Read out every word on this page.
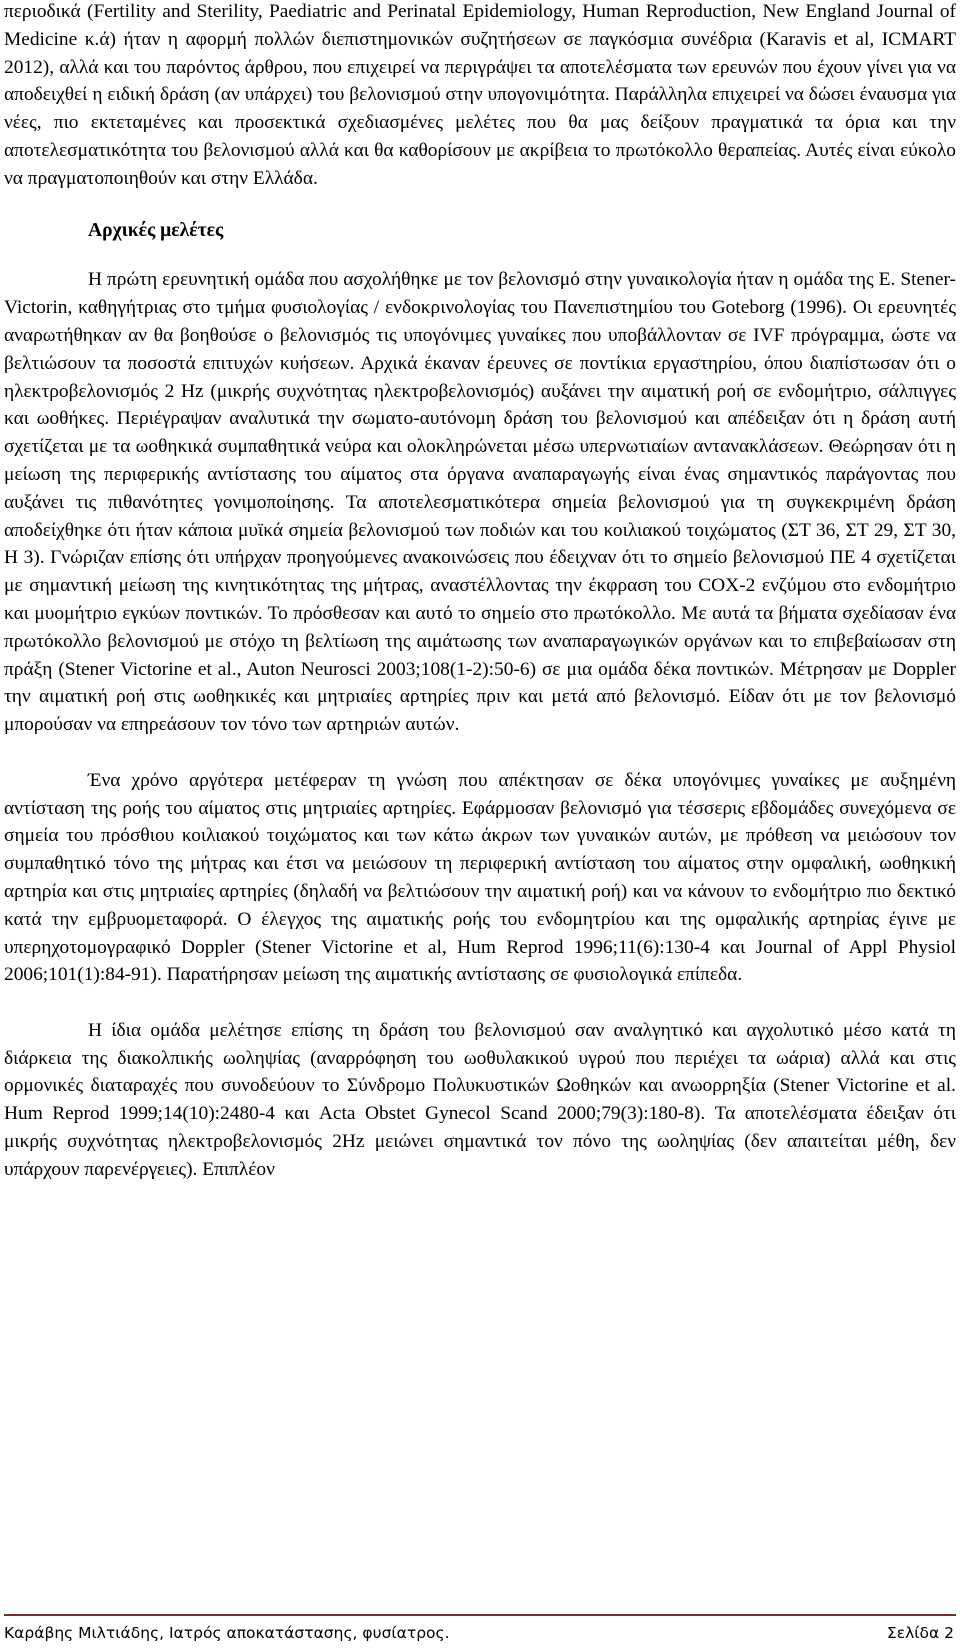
περιοδικά (Fertility and Sterility, Paediatric and Perinatal Epidemiology, Human Reproduction, New England Journal of Medicine κ.ά) ήταν η αφορμή πολλών διεπιστημονικών συζητήσεων σε παγκόσμια συνέδρια (Karavis et al, ICMART 2012), αλλά και του παρόντος άρθρου, που επιχειρεί να περιγράψει τα αποτελέσματα των ερευνών που έχουν γίνει για να αποδειχθεί η ειδική δράση (αν υπάρχει) του βελονισμού στην υπογονιμότητα. Παράλληλα επιχειρεί να δώσει έναυσμα για νέες, πιο εκτεταμένες και προσεκτικά σχεδιασμένες μελέτες που θα μας δείξουν πραγματικά τα όρια και την αποτελεσματικότητα του βελονισμού αλλά και θα καθορίσουν με ακρίβεια το πρωτόκολλο θεραπείας. Αυτές είναι εύκολο να πραγματοποιηθούν και στην Ελλάδα.

Αρχικές μελέτες

Η πρώτη ερευνητική ομάδα που ασχολήθηκε με τον βελονισμό στην γυναικολογία ήταν η ομάδα της E. Stener-Victorin, καθηγήτριας στο τμήμα φυσιολογίας / ενδοκρινολογίας του Πανεπιστημίου του Goteborg (1996). Οι ερευνητές αναρωτήθηκαν αν θα βοηθούσε ο βελονισμός τις υπογόνιμες γυναίκες που υποβάλλονταν σε IVF πρόγραμμα, ώστε να βελτιώσουν τα ποσοστά επιτυχών κυήσεων. Αρχικά έκαναν έρευνες σε ποντίκια εργαστηρίου, όπου διαπίστωσαν ότι ο ηλεκτροβελονισμός 2 Hz (μικρής συχνότητας ηλεκτροβελονισμός) αυξάνει την αιματική ροή σε ενδομήτριο, σάλπιγγες και ωοθήκες. Περιέγραψαν αναλυτικά την σωματο-αυτόνομη δράση του βελονισμού και απέδειξαν ότι η δράση αυτή σχετίζεται με τα ωοθηκικά συμπαθητικά νεύρα και ολοκληρώνεται μέσω υπερνωτιαίων αντανακλάσεων. Θεώρησαν ότι η μείωση της περιφερικής αντίστασης του αίματος στα όργανα αναπαραγωγής είναι ένας σημαντικός παράγοντας που αυξάνει τις πιθανότητες γονιμοποίησης. Τα αποτελεσματικότερα σημεία βελονισμού για τη συγκεκριμένη δράση αποδείχθηκε ότι ήταν κάποια μυϊκά σημεία βελονισμού των ποδιών και του κοιλιακού τοιχώματος (ΣΤ 36, ΣΤ 29, ΣΤ 30, Η 3). Γνώριζαν επίσης ότι υπήρχαν προηγούμενες ανακοινώσεις που έδειχναν ότι το σημείο βελονισμού ΠΕ 4 σχετίζεται με σημαντική μείωση της κινητικότητας της μήτρας, αναστέλλοντας την έκφραση του COX-2 ενζύμου στο ενδομήτριο και μυομήτριο εγκύων ποντικών. Το πρόσθεσαν και αυτό το σημείο στο πρωτόκολλο. Με αυτά τα βήματα σχεδίασαν ένα πρωτόκολλο βελονισμού με στόχο τη βελτίωση της αιμάτωσης των αναπαραγωγικών οργάνων και το επιβεβαίωσαν στη πράξη (Stener Victorine et al., Auton Neurosci 2003;108(1-2):50-6) σε μια ομάδα δέκα ποντικών. Μέτρησαν με Doppler την αιματική ροή στις ωοθηκικές και μητριαίες αρτηρίες πριν και μετά από βελονισμό. Είδαν ότι με τον βελονισμό μπορούσαν να επηρεάσουν τον τόνο των αρτηριών αυτών.

Ένα χρόνο αργότερα μετέφεραν τη γνώση που απέκτησαν σε δέκα υπογόνιμες γυναίκες με αυξημένη αντίσταση της ροής του αίματος στις μητριαίες αρτηρίες. Εφάρμοσαν βελονισμό για τέσσερις εβδομάδες συνεχόμενα σε σημεία του πρόσθιου κοιλιακού τοιχώματος και των κάτω άκρων των γυναικών αυτών, με πρόθεση να μειώσουν τον συμπαθητικό τόνο της μήτρας και έτσι να μειώσουν τη περιφερική αντίσταση του αίματος στην ομφαλική, ωοθηκική αρτηρία και στις μητριαίες αρτηρίες (δηλαδή να βελτιώσουν την αιματική ροή) και να κάνουν το ενδομήτριο πιο δεκτικό κατά την εμβρυομεταφορά. Ο έλεγχος της αιματικής ροής του ενδομητρίου και της ομφαλικής αρτηρίας έγινε με υπερηχοτομογραφικό Doppler (Stener Victorine et al, Hum Reprod 1996;11(6):130-4 και Journal of Appl Physiol 2006;101(1):84-91). Παρατήρησαν μείωση της αιματικής αντίστασης σε φυσιολογικά επίπεδα.

Η ίδια ομάδα μελέτησε επίσης τη δράση του βελονισμού σαν αναλγητικό και αγχολυτικό μέσο κατά τη διάρκεια της διακολπικής ωοληψίας (αναρρόφηση του ωοθυλακικού υγρού που περιέχει τα ωάρια) αλλά και στις ορμονικές διαταραχές που συνοδεύουν το Σύνδρομο Πολυκυστικών Ωοθηκών και ανωορρηξία (Stener Victorine et al. Hum Reprod 1999;14(10):2480-4 και Acta Obstet Gynecol Scand 2000;79(3):180-8). Τα αποτελέσματα έδειξαν ότι μικρής συχνότητας ηλεκτροβελονισμός 2Hz μειώνει σημαντικά τον πόνο της ωοληψίας (δεν απαιτείται μέθη, δεν υπάρχουν παρενέργειες). Επιπλέον

Καράβης Μιλτιάδης, Ιατρός αποκατάστασης, φυσίατρος.	Σελίδα 2
